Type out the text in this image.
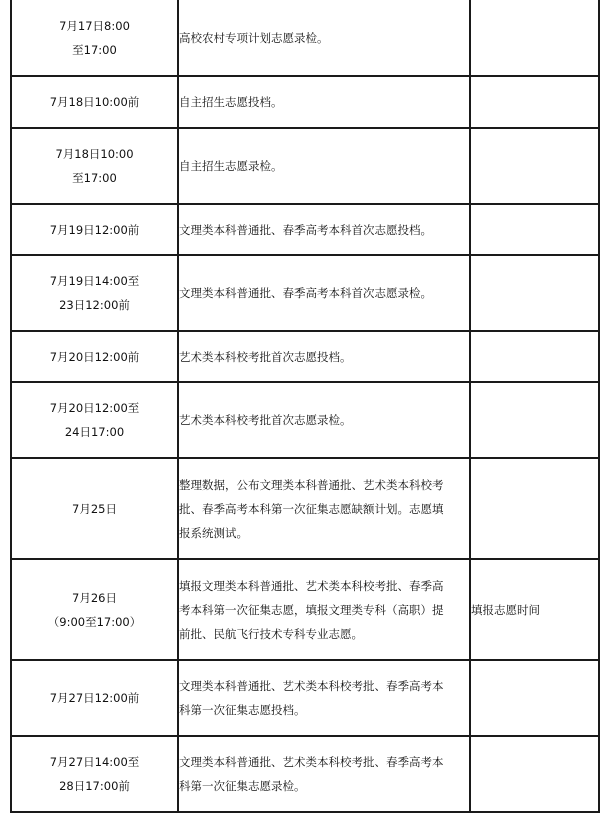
7月17日8:00
至17:00	高校农村专项计划志愿录检。	

7月18日10:00前	自主招生志愿投档。	

7月18日10:00
至17:00	自主招生志愿录检。	

7月19日12:00前	文理类本科普通批、春季高考本科首次志愿投档。	

7月19日14:00至
23日12:00前	文理类本科普通批、春季高考本科首次志愿录检。	

7月20日12:00前	艺术类本科校考批首次志愿投档。	

7月20日12:00至
24日17:00	艺术类本科校考批首次志愿录检。	

7月25日	整理数据，公布文理类本科普通批、艺术类本科校考
批、春季高考本科第一次征集志愿缺额计划。志愿填
报系统测试。	

7月26日
（9:00至17:00）	填报文理类本科普通批、艺术类本科校考批、春季高
考本科第一次征集志愿，填报文理类专科（高职）提
前批、民航飞行技术专科专业志愿。	填报志愿时间

7月27日12:00前	文理类本科普通批、艺术类本科校考批、春季高考本
科第一次征集志愿投档。	

7月27日14:00至
28日17:00前	文理类本科普通批、艺术类本科校考批、春季高考本
科第一次征集志愿录检。	
